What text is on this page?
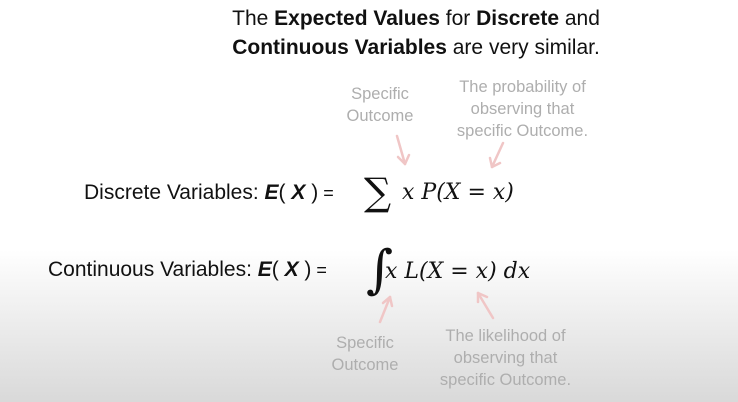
The Expected Values for Discrete and
Continuous Variables are very similar.
Specific
Outcome
The probability of
observing that
specific Outcome.
Discrete Variables: E( X ) = ∑ x P(X = x)
Continuous Variables: E( X ) = ∫
x L(X = x) dx
Specific
Outcome
The likelihood of
observing that
specific Outcome.
